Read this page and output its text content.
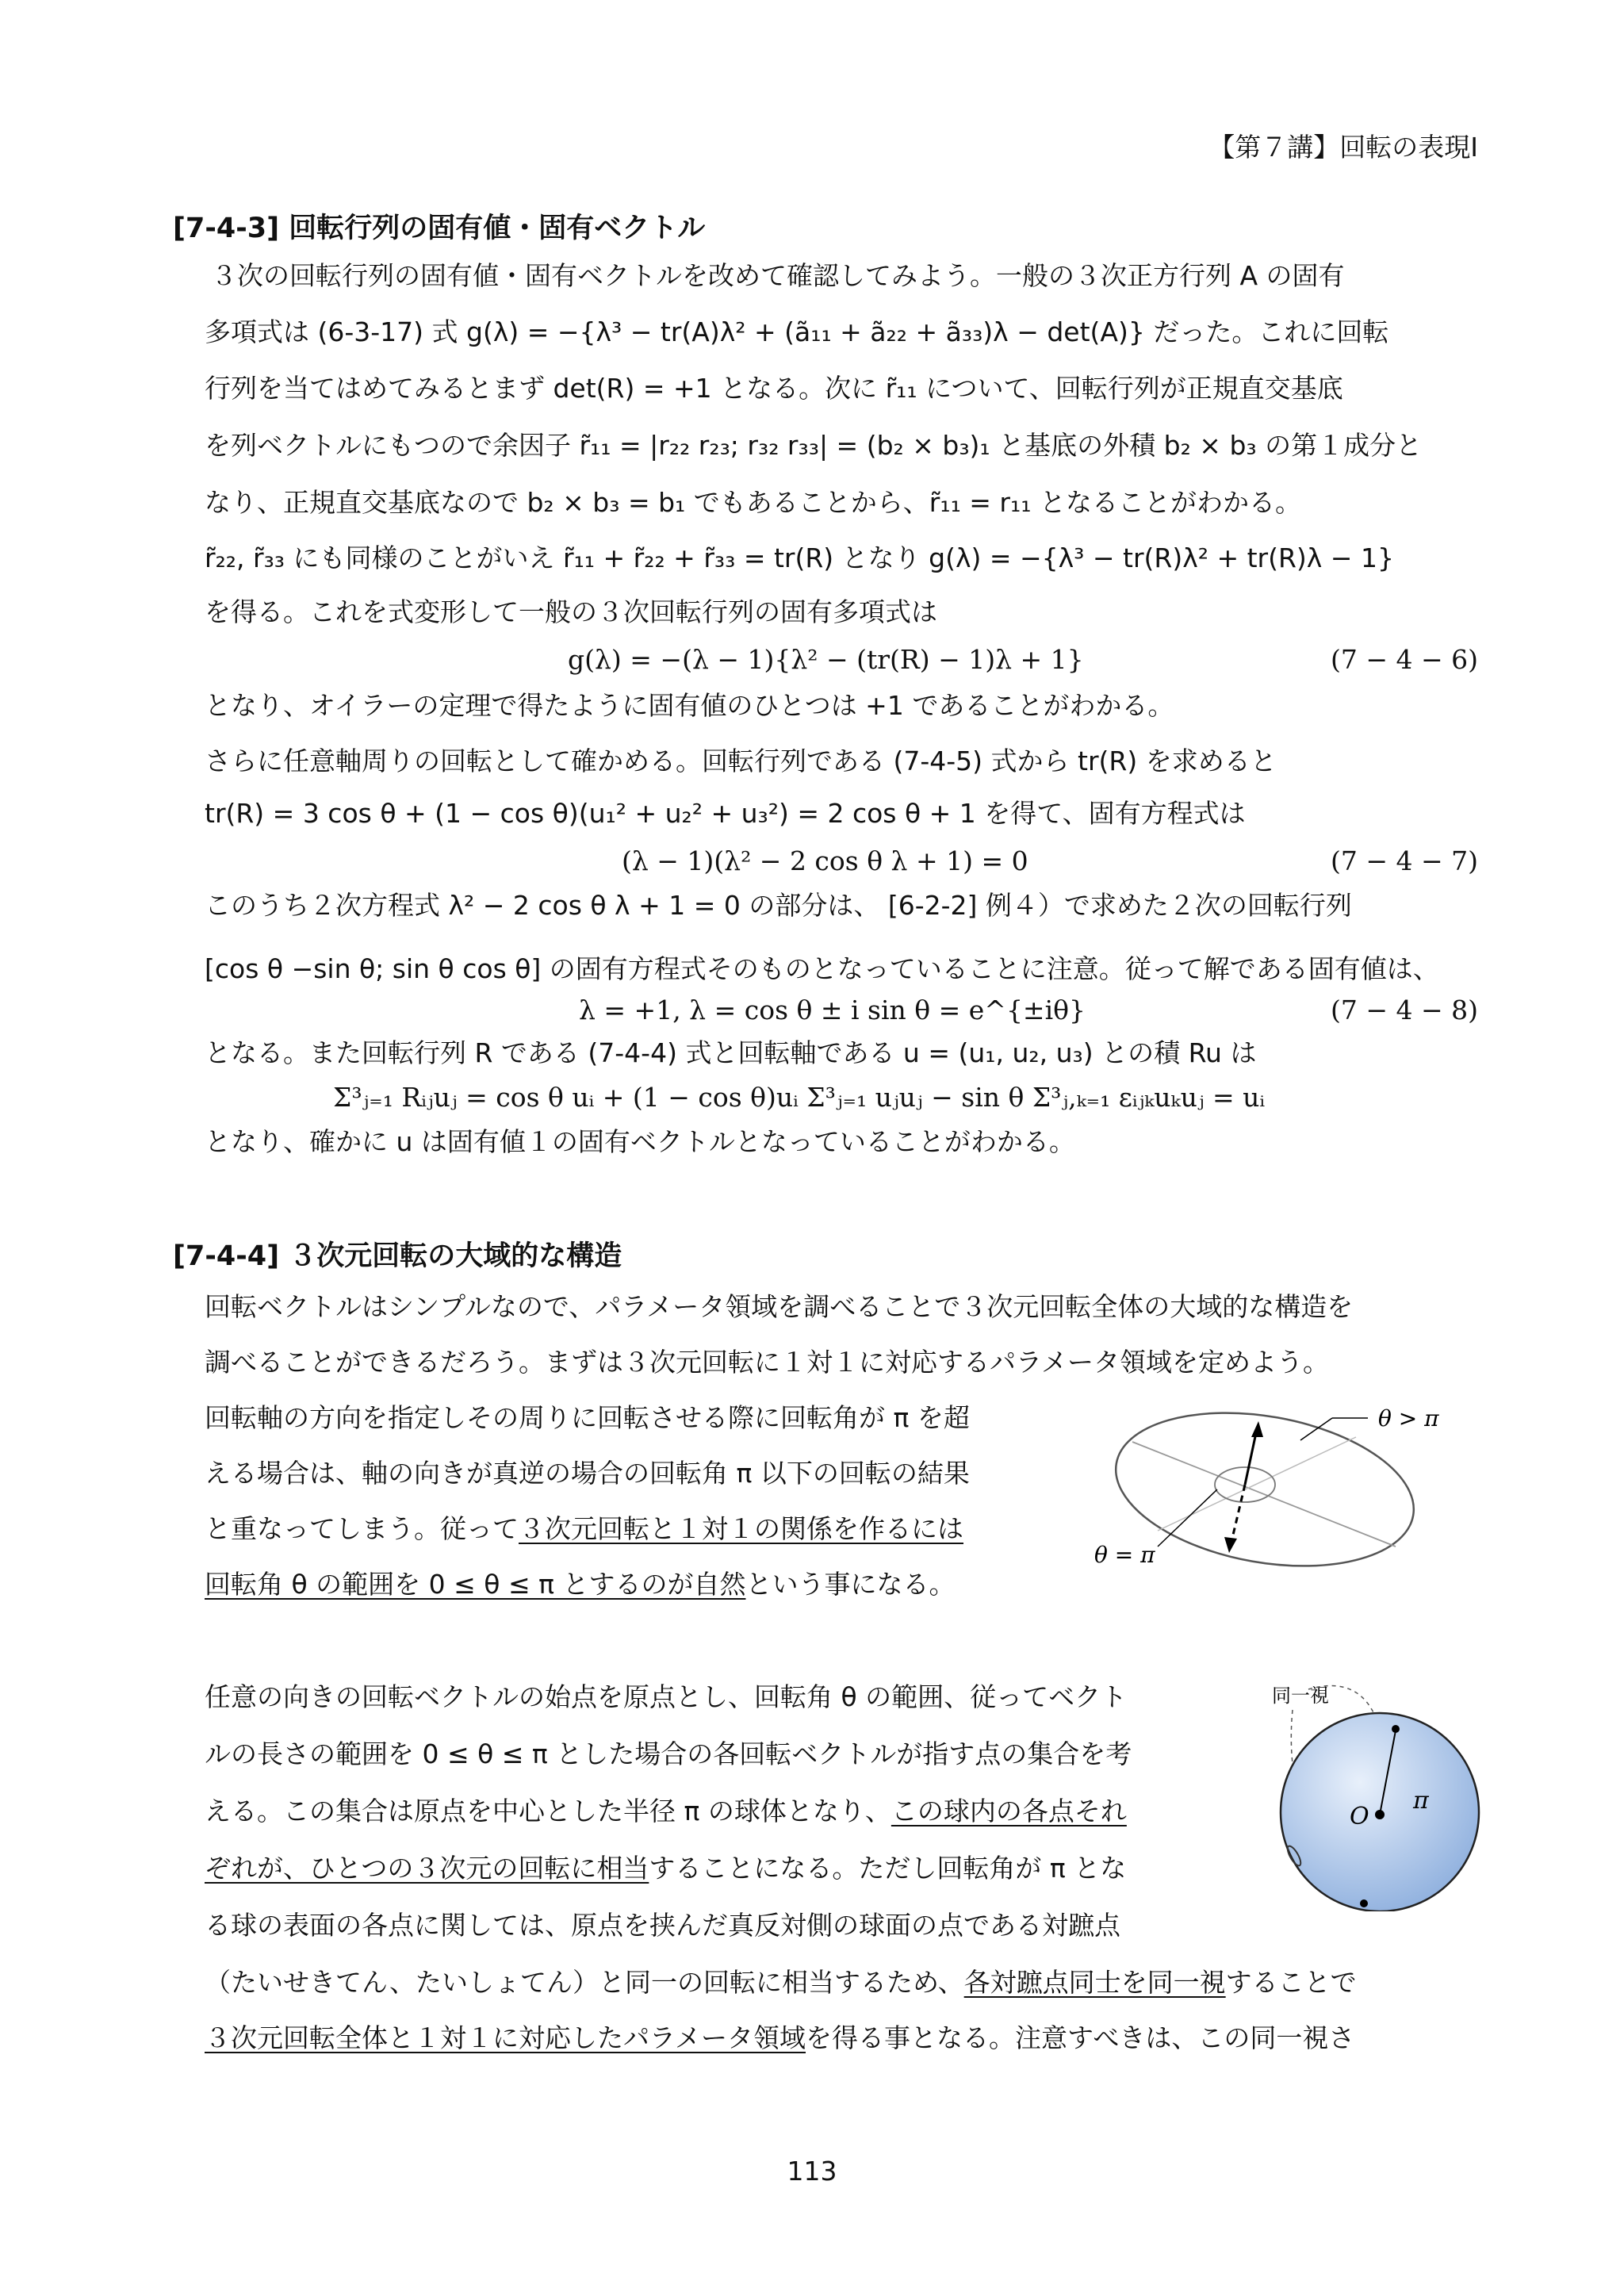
【第７講】回転の表現Ⅰ
[7-4-3] 回転行列の固有値・固有ベクトル
３次の回転行列の固有値・固有ベクトルを改めて確認してみよう。一般の３次正方行列 A の固有
多項式は (6-3-17) 式 g(λ) = −{λ³ − tr(A)λ² + (ã₁₁ + ã₂₂ + ã₃₃)λ − det(A)} だった。これに回転
行列を当てはめてみるとまず det(R) = +1 となる。次に r̃₁₁ について、回転行列が正規直交基底
を列ベクトルにもつので余因子 r̃₁₁ = |r₂₂ r₂₃; r₃₂ r₃₃| = (b₂ × b₃)₁ と基底の外積 b₂ × b₃ の第１成分と
なり、正規直交基底なので b₂ × b₃ = b₁ でもあることから、r̃₁₁ = r₁₁ となることがわかる。
r̃₂₂, r̃₃₃ にも同様のことがいえ r̃₁₁ + r̃₂₂ + r̃₃₃ = tr(R) となり g(λ) = −{λ³ − tr(R)λ² + tr(R)λ − 1}
を得る。これを式変形して一般の３次回転行列の固有多項式は
g(λ) = −(λ − 1){λ² − (tr(R) − 1)λ + 1}	(7 − 4 − 6)
となり、オイラーの定理で得たように固有値のひとつは +1 であることがわかる。
さらに任意軸周りの回転として確かめる。回転行列である (7-4-5) 式から tr(R) を求めると
tr(R) = 3 cos θ + (1 − cos θ)(u₁² + u₂² + u₃²) = 2 cos θ + 1 を得て、固有方程式は
(λ − 1)(λ² − 2 cos θ λ + 1) = 0	(7 − 4 − 7)
このうち２次方程式 λ² − 2 cos θ λ + 1 = 0 の部分は、 [6-2-2] 例４）で求めた２次の回転行列
[cos θ −sin θ; sin θ cos θ] の固有方程式そのものとなっていることに注意。従って解である固有値は、
λ = +1, λ = cos θ ± i sin θ = e^{±iθ}	(7 − 4 − 8)
となる。また回転行列 R である (7-4-4) 式と回転軸である u = (u₁, u₂, u₃) との積 Ru は
Σ³ⱼ₌₁ Rᵢⱼuⱼ = cos θ uᵢ + (1 − cos θ)uᵢ Σ³ⱼ₌₁ uⱼuⱼ − sin θ Σ³ⱼ,ₖ₌₁ εᵢⱼₖuₖuⱼ = uᵢ
となり、確かに u は固有値１の固有ベクトルとなっていることがわかる。
[7-4-4] ３次元回転の大域的な構造
回転ベクトルはシンプルなので、パラメータ領域を調べることで３次元回転全体の大域的な構造を
調べることができるだろう。まずは３次元回転に１対１に対応するパラメータ領域を定めよう。
回転軸の方向を指定しその周りに回転させる際に回転角が π を超
える場合は、軸の向きが真逆の場合の回転角 π 以下の回転の結果
と重なってしまう。従って３次元回転と１対１の関係を作るには
回転角 θ の範囲を 0 ≤ θ ≤ π とするのが自然という事になる。
θ > π
θ = π
任意の向きの回転ベクトルの始点を原点とし、回転角 θ の範囲、従ってベクト
ルの長さの範囲を 0 ≤ θ ≤ π とした場合の各回転ベクトルが指す点の集合を考
える。この集合は原点を中心とした半径 π の球体となり、この球内の各点それ
ぞれが、ひとつの３次元の回転に相当することになる。ただし回転角が π とな
る球の表面の各点に関しては、原点を挟んだ真反対側の球面の点である対蹠点
同一視
O
π
（たいせきてん、たいしょてん）と同一の回転に相当するため、各対蹠点同士を同一視することで
３次元回転全体と１対１に対応したパラメータ領域を得る事となる。注意すべきは、この同一視さ
113
